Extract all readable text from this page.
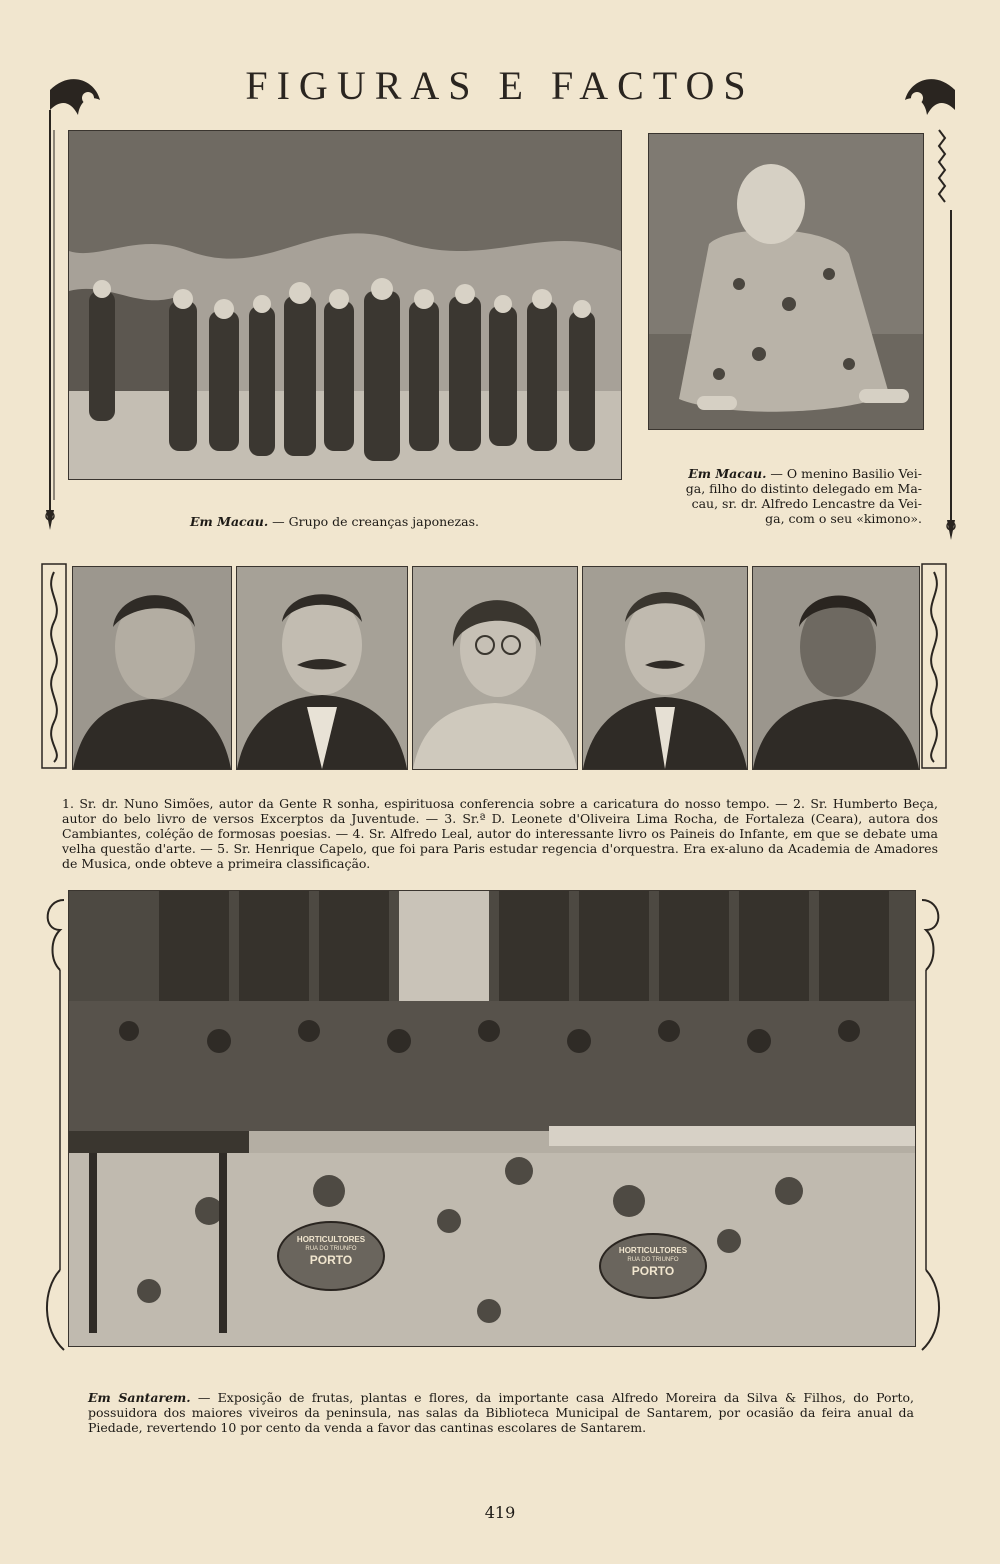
FIGURAS E FACTOS
Em Macau. — Grupo de creanças japonezas.
Em Macau. — O menino Basilio Vei-
ga, filho do distinto delegado em Ma-
cau, sr. dr. Alfredo Lencastre da Vei-
ga, com o seu «kimono».
1. Sr. dr. Nuno Simões, autor da Gente R sonha, espirituosa conferencia sobre a caricatura do nosso tempo. — 2. Sr. Humberto Beça, autor do belo livro de versos Excerptos da Juventude. — 3. Sr.ª D. Leonete d'Oliveira Lima Rocha, de Fortaleza (Ceara), autora dos Cambiantes, coléção de formosas poesias. — 4. Sr. Alfredo Leal, autor do interessante livro os Paineis do Infante, em que se debate uma velha questão d'arte. — 5. Sr. Henrique Capelo, que foi para Paris estudar regencia d'orquestra. Era ex-aluno da Academia de Amadores de Musica, onde obteve a primeira classificação.
HORTICULTORES
RUA DO TRIUNFO
PORTO
HORTICULTORES
RUA DO TRIUNFO
PORTO
Em Santarem. — Exposição de frutas, plantas e flores, da importante casa Alfredo Moreira da Silva & Filhos, do Porto, possuidora dos maiores viveiros da peninsula, nas salas da Biblioteca Municipal de Santarem, por ocasião da feira anual da Piedade, revertendo 10 por cento da venda a favor das cantinas escolares de Santarem.
419
